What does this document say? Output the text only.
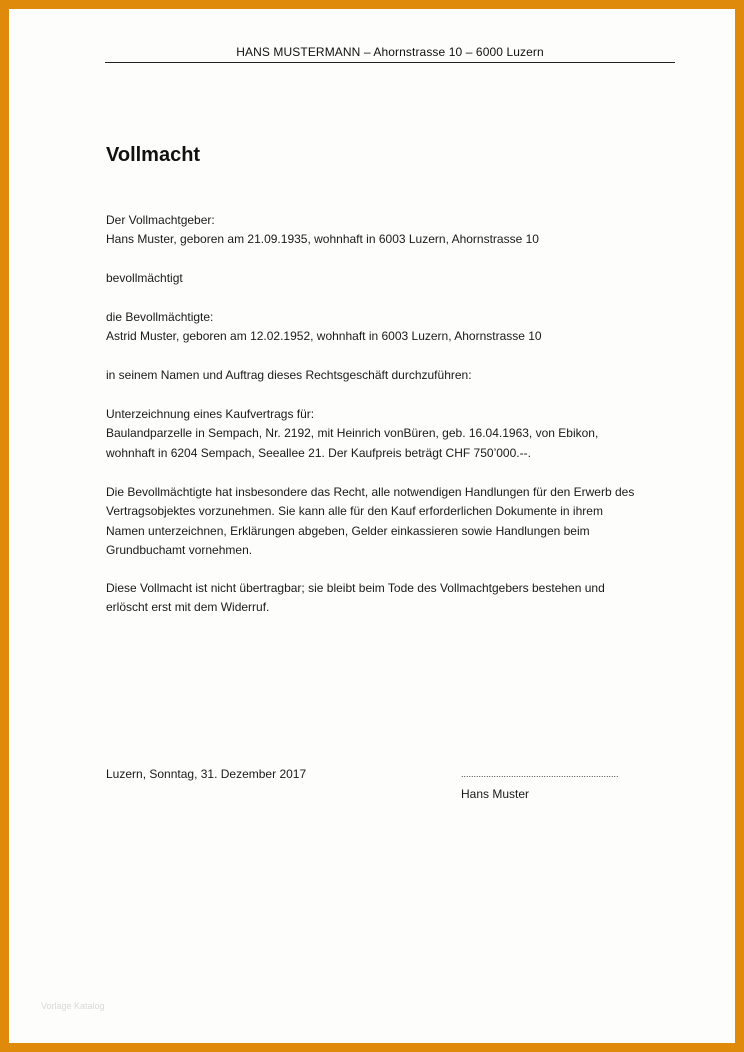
HANS MUSTERMANN – Ahornstrasse 10 – 6000 Luzern
Vollmacht

Der Vollmachtgeber:

Hans Muster, geboren am 21.09.1935, wohnhaft in 6003 Luzern, Ahornstrasse 10

bevollmächtigt

die Bevollmächtigte:

Astrid Muster, geboren am 12.02.1952, wohnhaft in 6003 Luzern, Ahornstrasse 10

in seinem Namen und Auftrag dieses Rechtsgeschäft durchzuführen:

Unterzeichnung eines Kaufvertrags für:

Baulandparzelle in Sempach, Nr. 2192, mit Heinrich vonBüren, geb. 16.04.1963, von Ebikon,

wohnhaft in 6204 Sempach, Seeallee 21. Der Kaufpreis beträgt CHF 750’000.--.

Die Bevollmächtigte hat insbesondere das Recht, alle notwendigen Handlungen für den Erwerb des

Vertragsobjektes vorzunehmen. Sie kann alle für den Kauf erforderlichen Dokumente in ihrem

Namen unterzeichnen, Erklärungen abgeben, Gelder einkassieren sowie Handlungen beim

Grundbuchamt vornehmen.

Diese Vollmacht ist nicht übertragbar; sie bleibt beim Tode des Vollmachtgebers bestehen und

erlöscht erst mit dem Widerruf.

Luzern, Sonntag, 31. Dezember 2017	...............................................................
Hans Muster
Vorlage Katalog
